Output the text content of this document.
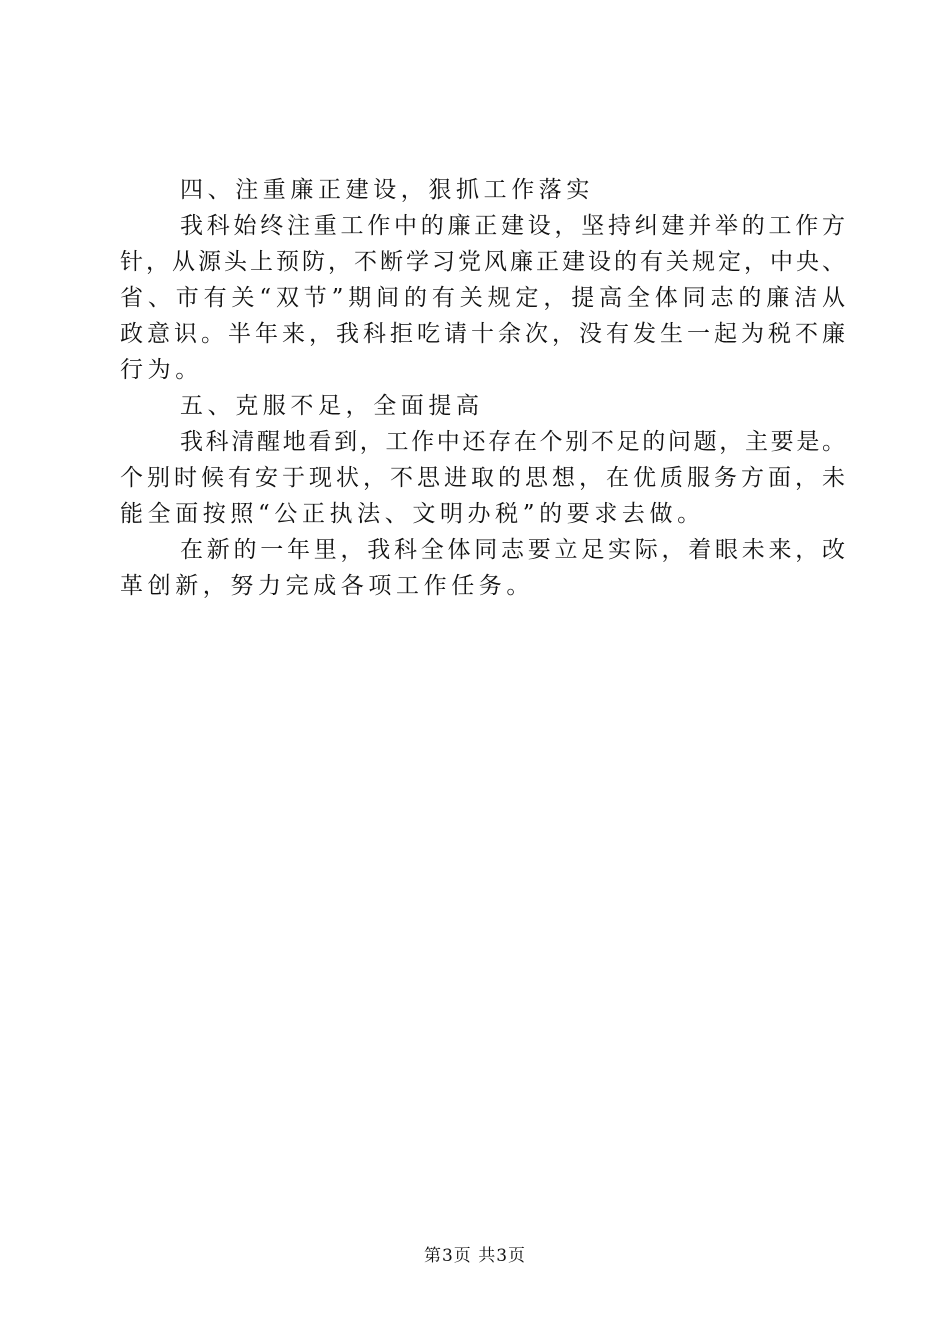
四、注重廉正建设，狠抓工作落实
我科始终注重工作中的廉正建设，坚持纠建并举的工作方
针，从源头上预防，不断学习党风廉正建设的有关规定，中央、
省、市有关“双节”期间的有关规定，提高全体同志的廉洁从
政意识。半年来，我科拒吃请十余次，没有发生一起为税不廉
行为。
五、克服不足，全面提高
我科清醒地看到，工作中还存在个别不足的问题，主要是。
个别时候有安于现状，不思进取的思想，在优质服务方面，未
能全面按照“公正执法、文明办税”的要求去做。
在新的一年里，我科全体同志要立足实际，着眼未来，改
革创新，努力完成各项工作任务。
第3页 共3页
